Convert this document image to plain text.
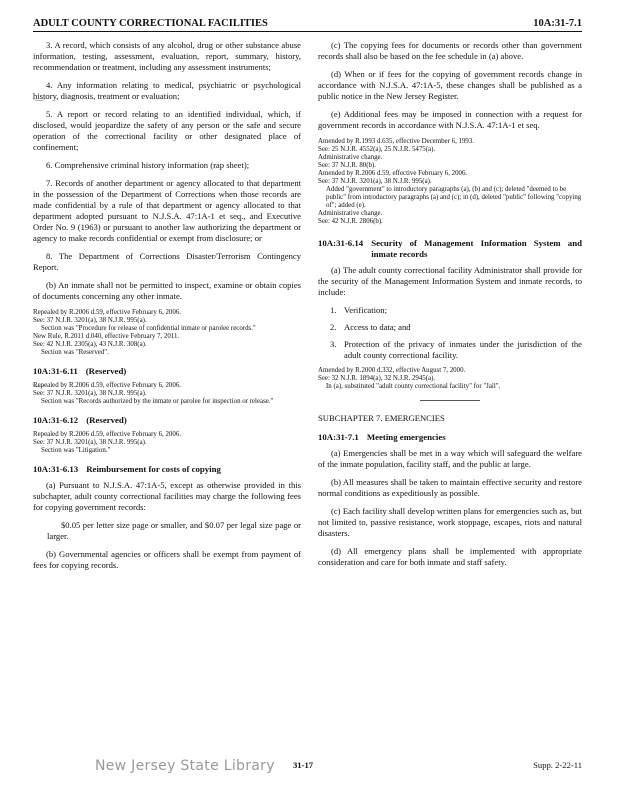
ADULT COUNTY CORRECTIONAL FACILITIES	10A:31-7.1

3. A record, which consists of any alcohol, drug or other substance abuse information, testing, assessment, evaluation, report, summary, history, recommendation or treatment, including any assessment instruments;

4. Any information relating to medical, psychiatric or psychological history, diagnosis, treatment or evaluation;

5. A report or record relating to an identified individual, which, if disclosed, would jeopardize the safety of any person or the safe and secure operation of the correctional facility or other designated place of confinement;

6. Comprehensive criminal history information (rap sheet);

7. Records of another department or agency allocated to that department in the possession of the Department of Corrections when those records are made confidential by a rule of that department or agency allocated to that department adopted pursuant to N.J.S.A. 47:1A-1 et seq., and Executive Order No. 9 (1963) or pursuant to another law authorizing the department or agency to make records confidential or exempt from disclosure; or

8. The Department of Corrections Disaster/Terrorism Contingency Report.

(b) An inmate shall not be permitted to inspect, examine or obtain copies of documents concerning any other inmate.

Repealed by R.2006 d.59, effective February 6, 2006.
See: 37 N.J.R. 3201(a), 38 N.J.R. 995(a).
Section was "Procedure for release of confidential inmate or parolee records."
New Rule, R.2011 d.040, effective February 7, 2011.
See: 42 N.J.R. 2305(a), 43 N.J.R. 308(a).
Section was "Reserved".
10A:31-6.11 (Reserved)
Repealed by R.2006 d.59, effective February 6, 2006.
See: 37 N.J.R. 3201(a), 38 N.J.R. 995(a).
Section was "Records authorized by the inmate or parolee for inspection or release."
10A:31-6.12 (Reserved)
Repealed by R.2006 d.59, effective February 6, 2006.
See: 37 N.J.R. 3201(a), 38 N.J.R. 995(a).
Section was "Litigation."
10A:31-6.13 Reimbursement for costs of copying

(a) Pursuant to N.J.S.A. 47:1A-5, except as otherwise provided in this subchapter, adult county correctional facilities may charge the following fees for copying government records:

$0.05 per letter size page or smaller, and $0.07 per legal size page or larger.

(b) Governmental agencies or officers shall be exempt from payment of fees for copying records.

(c) The copying fees for documents or records other than government records shall also be based on the fee schedule in (a) above.

(d) When or if fees for the copying of government records change in accordance with N.J.S.A. 47:1A-5, these changes shall be published as a public notice in the New Jersey Register.

(e) Additional fees may be imposed in connection with a request for government records in accordance with N.J.S.A. 47:1A-1 et seq.

Amended by R.1993 d.635, effective December 6, 1993.
See: 25 N.J.R. 4552(a), 25 N.J.R. 5475(a).
Administrative change.
See: 37 N.J.R. 80(b).
Amended by R.2006 d.59, effective February 6, 2006.
See: 37 N.J.R. 3201(a), 38 N.J.R. 995(a).
Added "government" to introductory paragraphs (a), (b) and (c); deleted "deemed to be public" from introductory paragraphs (a) and (c); in (d), deleted "public" following "copying of"; added (e).
Administrative change.
See: 42 N.J.R. 2806(b).
10A:31-6.14 Security of Management Information System and inmate records

(a) The adult county correctional facility Administrator shall provide for the security of the Management Information System and inmate records, to include:

1. Verification;
2. Access to data; and
3. Protection of the privacy of inmates under the jurisdiction of the adult county correctional facility.
Amended by R.2000 d.332, effective August 7, 2000.
See: 32 N.J.R. 1894(a), 32 N.J.R. 2945(a).
In (a), substituted "adult county correctional facility" for "Jail".
SUBCHAPTER 7. EMERGENCIES
10A:31-7.1 Meeting emergencies

(a) Emergencies shall be met in a way which will safeguard the welfare of the inmate population, facility staff, and the public at large.

(b) All measures shall be taken to maintain effective security and restore normal conditions as expeditiously as possible.

(c) Each facility shall develop written plans for emergencies such as, but not limited to, passive resistance, work stoppage, escapes, riots and natural disasters.

(d) All emergency plans shall be implemented with appropriate consideration and care for both inmate and staff safety.

New Jersey State Library 31-17	Supp. 2-22-11
